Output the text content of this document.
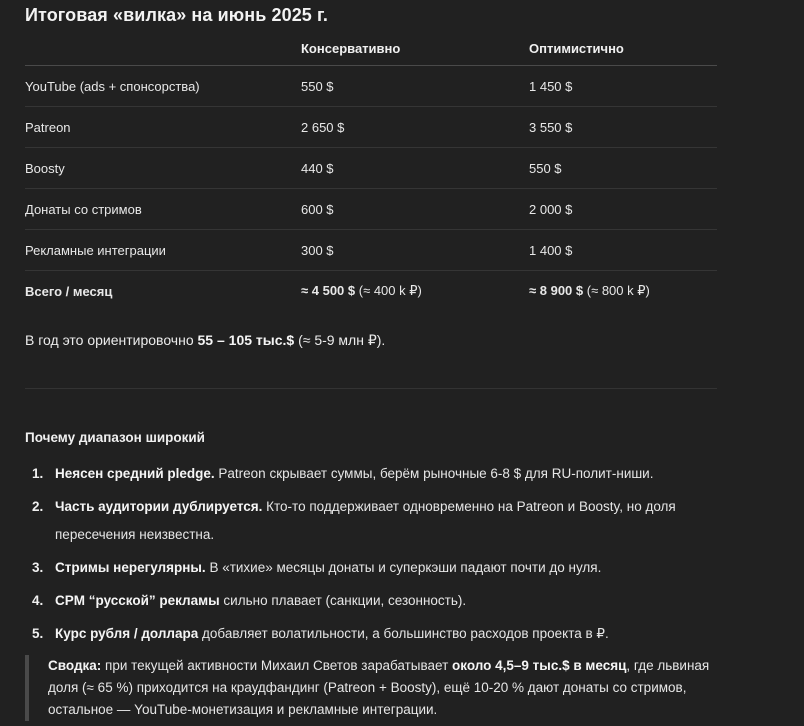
Итоговая «вилка» на июнь 2025 г.
	Консервативно	Оптимистично
YouTube (ads + спонсорства)	550 $	1 450 $
Patreon	2 650 $	3 550 $
Boosty	440 $	550 $
Донаты со стримов	600 $	2 000 $
Рекламные интеграции	300 $	1 400 $
Всего / месяц	≈ 4 500 $ (≈ 400 k ₽)	≈ 8 900 $ (≈ 800 k ₽)

В год это ориентировочно 55 – 105 тыс.$ (≈ 5-9 млн ₽).

Почему диапазон широкий
1. Неясен средний pledge. Patreon скрывает суммы, берём рыночные 6-8 $ для RU-полит-ниши.
2. Часть аудитории дублируется. Кто-то поддерживает одновременно на Patreon и Boosty, но доля пересечения неизвестна.
3. Стримы нерегулярны. В «тихие» месяцы донаты и суперкэши падают почти до нуля.
4. CPM “русской” рекламы сильно плавает (санкции, сезонность).
5. Курс рубля / доллара добавляет волатильности, а большинство расходов проекта в ₽.
Сводка: при текущей активности Михаил Светов зарабатывает около 4,5–9 тыс.$ в месяц, где львиная доля (≈ 65 %) приходится на краудфандинг (Patreon + Boosty), ещё 10-20 % дают донаты со стримов, остальное — YouTube-монетизация и рекламные интеграции.
